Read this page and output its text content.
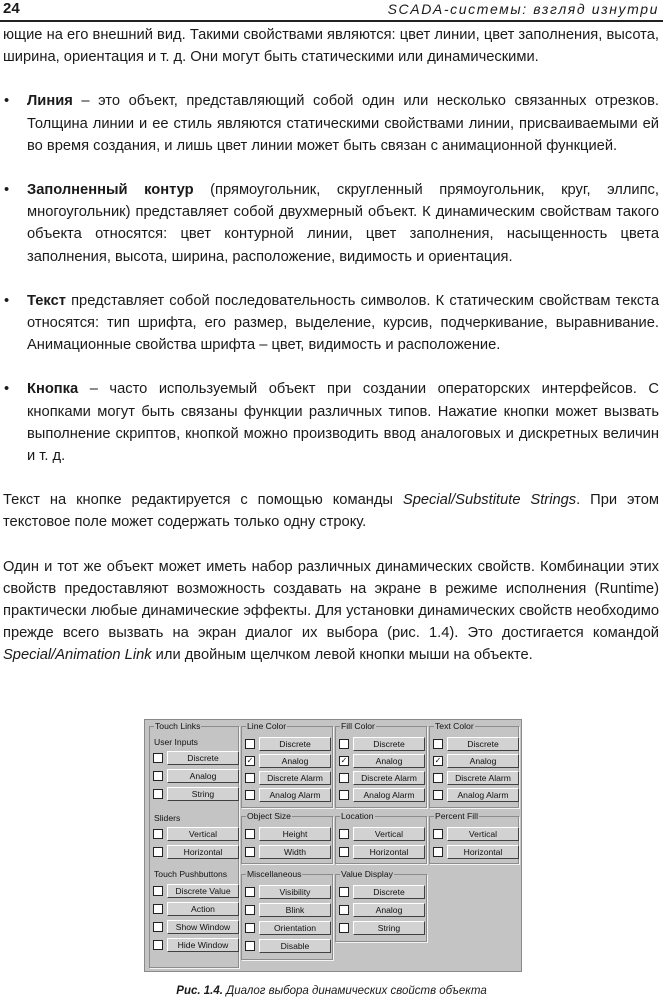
24	SCADA-системы: взгляд изнутри

ющие на его внешний вид. Такими свойствами являются: цвет линии, цвет заполнения, высота, ширина, ориентация и т. д. Они могут быть статическими или динамическими.

• Линия – это объект, представляющий собой один или несколько связанных отрезков. Толщина линии и ее стиль являются статическими свойствами линии, присваиваемыми ей во время создания, и лишь цвет линии может быть связан с анимационной функцией.
• Заполненный контур (прямоугольник, скругленный прямоугольник, круг, эллипс, многоугольник) представляет собой двухмерный объект. К динамическим свойствам такого объекта относятся: цвет контурной линии, цвет заполнения, насыщенность цвета заполнения, высота, ширина, расположение, видимость и ориентация.
• Текст представляет собой последовательность символов. К статическим свойствам текста относятся: тип шрифта, его размер, выделение, курсив, подчеркивание, выравнивание. Анимационные свойства шрифта – цвет, видимость и расположение.
• Кнопка – часто используемый объект при создании операторских интерфейсов. С кнопками могут быть связаны функции различных типов. Нажатие кнопки может вызвать выполнение скриптов, кнопкой можно производить ввод аналоговых и дискретных величин и т. д.

Текст на кнопке редактируется с помощью команды Special/Substitute Strings. При этом текстовое поле может содержать только одну строку.

Один и тот же объект может иметь набор различных динамических свойств. Комбинации этих свойств предоставляют возможность создавать на экране в режиме исполнения (Runtime) практически любые динамические эффекты. Для установки динамических свойств необходимо прежде всего вызвать на экран диалог их выбора (рис. 1.4). Это достигается командой Special/Animation Link или двойным щелчком левой кнопки мыши на объекте.

Touch Links
User Inputs
Discrete
Analog
String
Sliders
Vertical
Horizontal
Touch Pushbuttons
Discrete Value
Action
Show Window
Hide Window
Line Color
Discrete
✓	Analog
Discrete Alarm
Analog Alarm
Fill Color
Discrete
✓	Analog
Discrete Alarm
Analog Alarm
Text Color
Discrete
✓	Analog
Discrete Alarm
Analog Alarm
Object Size
Height
Width
Location
Vertical
Horizontal
Percent Fill
Vertical
Horizontal
Miscellaneous
Visibility
Blink
Orientation
Disable
Value Display
Discrete
Analog
String
Рис. 1.4. Диалог выбора динамических свойств объекта
